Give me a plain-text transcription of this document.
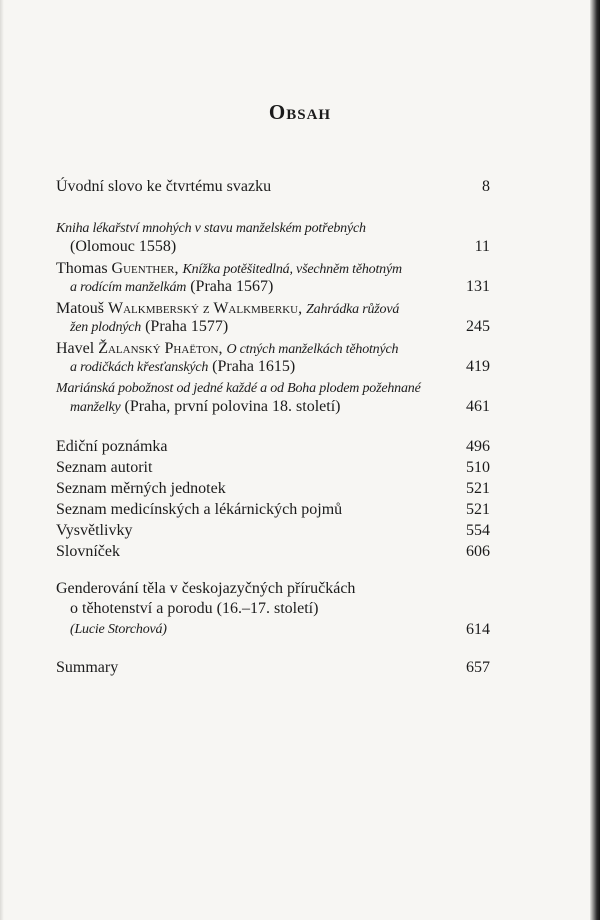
Obsah
Úvodní slovo ke čtvrtému svazku	8
Kniha lékařství mnohých v stavu manželském potřebných
(Olomouc 1558)	11
Thomas Guenther, Knížka potěšitedlná, všechněm těhotným
a rodícím manželkám (Praha 1567)	131
Matouš Walkmberský z Walkmberku, Zahrádka růžová
žen plodných (Praha 1577)	245
Havel Žalanský Phaëton, O ctných manželkách těhotných
a rodičkách křesťanských (Praha 1615)	419
Mariánská pobožnost od jedné každé a od Boha plodem požehnané
manželky (Praha, první polovina 18. století)	461
Ediční poznámka	496
Seznam autorit	510
Seznam měrných jednotek	521
Seznam medicínských a lékárnických pojmů	521
Vysvětlivky	554
Slovníček	606
Genderování těla v českojazyčných příručkách
o těhotenství a porodu (16.–17. století)
(Lucie Storchová)	614
Summary	657
